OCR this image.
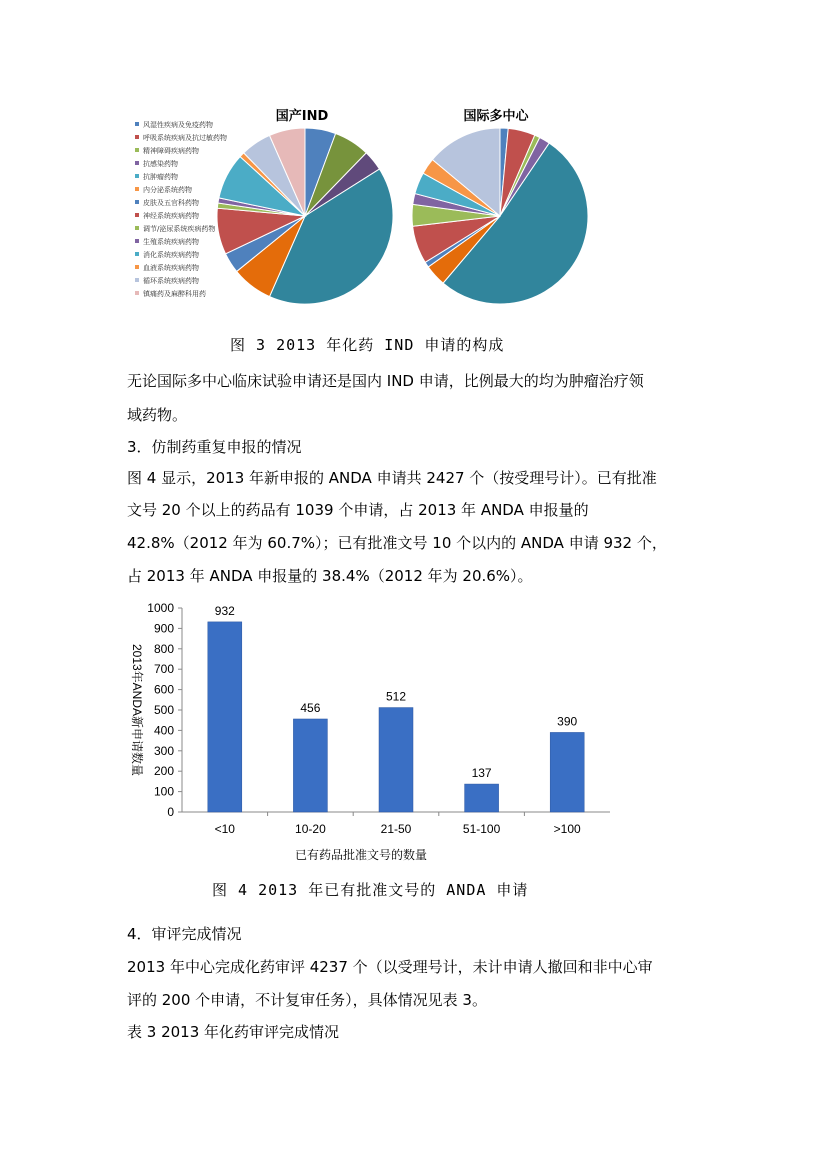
风湿性疾病及免疫药物
呼吸系统疾病及抗过敏药物
精神障碍疾病药物
抗感染药物
抗肿瘤药物
内分泌系统药物
皮肤及五官科药物
神经系统疾病药物
调节/泌尿系统疾病药物
生殖系统疾病药物
消化系统疾病药物
血液系统疾病药物
循环系统疾病药物
镇痛药及麻醉科用药
国产IND	国际多中心
图 3 2013 年化药 IND 申请的构成
无论国际多中心临床试验申请还是国内 IND 申请，比例最大的均为肿瘤治疗领
域药物。
3．仿制药重复申报的情况
图 4 显示，2013 年新申报的 ANDA 申请共 2427 个（按受理号计）。已有批准
文号 20 个以上的药品有 1039 个申请，占 2013 年 ANDA 申报量的
42.8%（2012 年为 60.7%）；已有批准文号 10 个以内的 ANDA 申请 932 个，
占 2013 年 ANDA 申报量的 38.4%（2012 年为 20.6%）。
0
100
200
300
400
500
600
700
800
900
1000
<10	10-20	21-50	51-100	>100
932
456
512
137
390
2013年ANDA新申请数量
已有药品批准文号的数量
图 4 2013 年已有批准文号的 ANDA 申请
4．审评完成情况
2013 年中心完成化药审评 4237 个（以受理号计，未计申请人撤回和非中心审
评的 200 个申请，不计复审任务），具体情况见表 3。
表 3 2013 年化药审评完成情况
